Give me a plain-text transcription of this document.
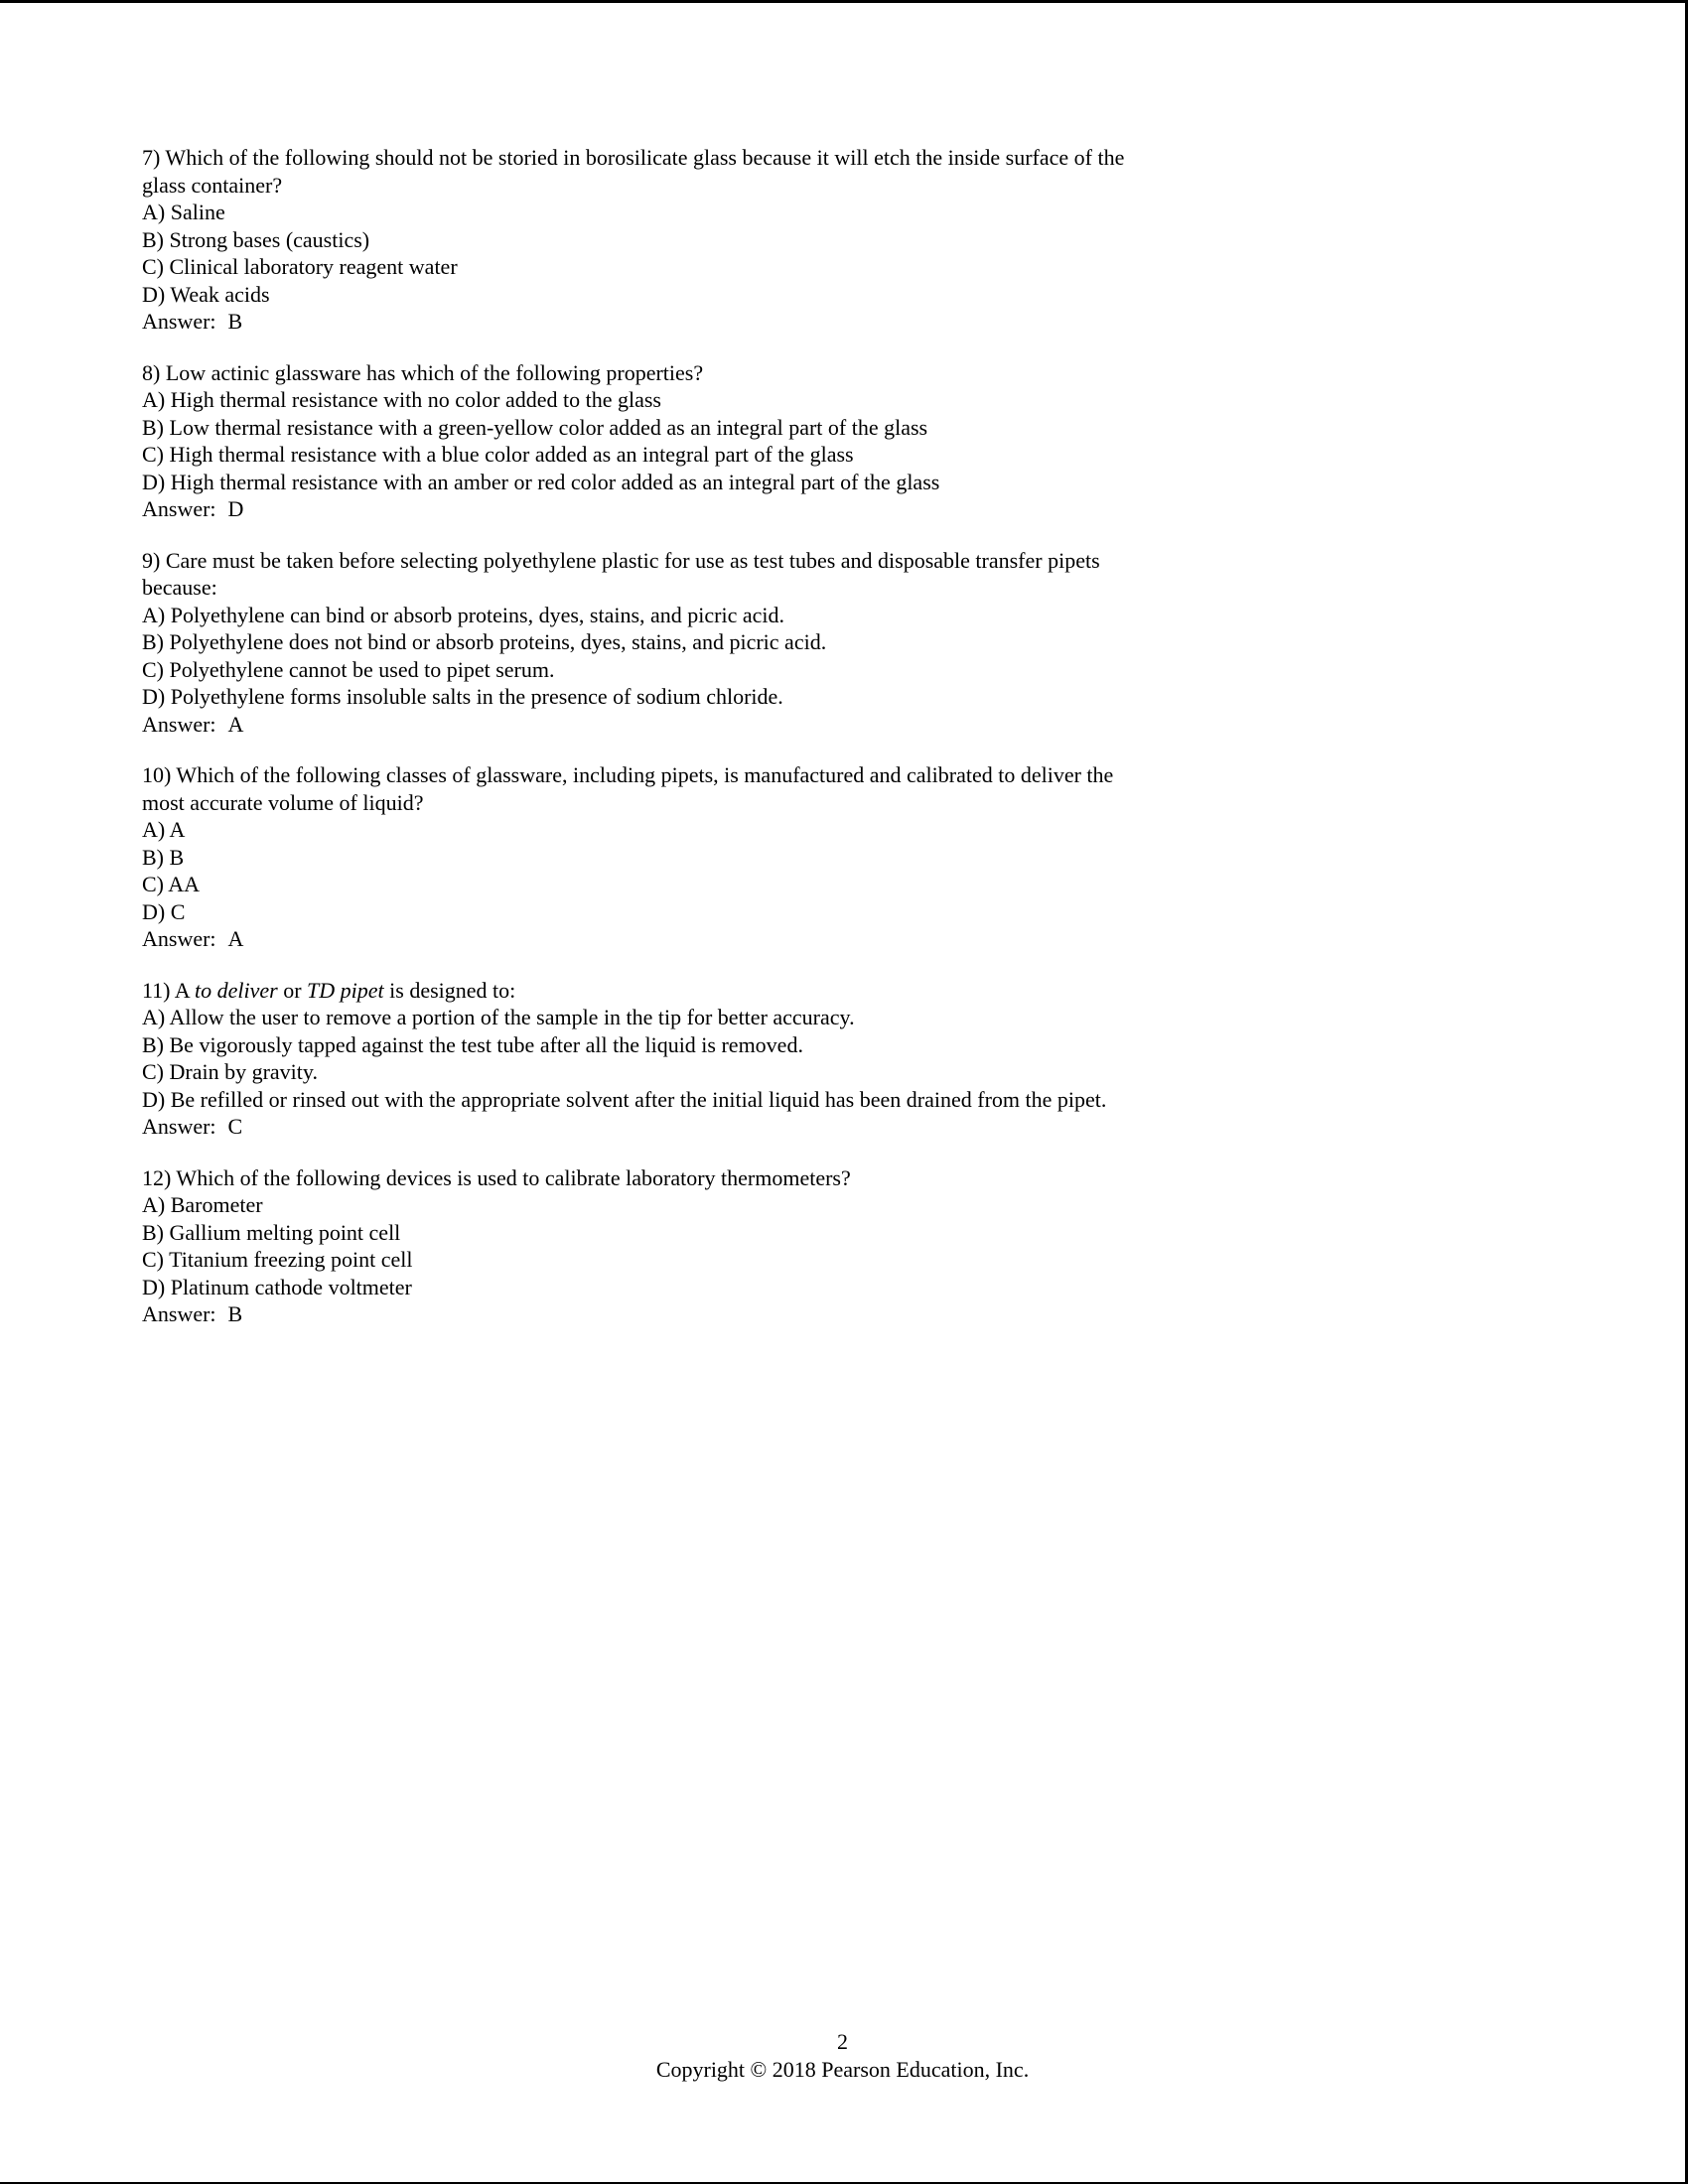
7) Which of the following should not be storied in borosilicate glass because it will etch the inside surface of the glass container?

A) Saline

B) Strong bases (caustics)

C) Clinical laboratory reagent water

D) Weak acids

Answer: B

8) Low actinic glassware has which of the following properties?

A) High thermal resistance with no color added to the glass

B) Low thermal resistance with a green-yellow color added as an integral part of the glass

C) High thermal resistance with a blue color added as an integral part of the glass

D) High thermal resistance with an amber or red color added as an integral part of the glass

Answer: D

9) Care must be taken before selecting polyethylene plastic for use as test tubes and disposable transfer pipets because:

A) Polyethylene can bind or absorb proteins, dyes, stains, and picric acid.

B) Polyethylene does not bind or absorb proteins, dyes, stains, and picric acid.

C) Polyethylene cannot be used to pipet serum.

D) Polyethylene forms insoluble salts in the presence of sodium chloride.

Answer: A

10) Which of the following classes of glassware, including pipets, is manufactured and calibrated to deliver the most accurate volume of liquid?

A) A

B) B

C) AA

D) C

Answer: A

11) A to deliver or TD pipet is designed to:

A) Allow the user to remove a portion of the sample in the tip for better accuracy.

B) Be vigorously tapped against the test tube after all the liquid is removed.

C) Drain by gravity.

D) Be refilled or rinsed out with the appropriate solvent after the initial liquid has been drained from the pipet.

Answer: C

12) Which of the following devices is used to calibrate laboratory thermometers?

A) Barometer

B) Gallium melting point cell

C) Titanium freezing point cell

D) Platinum cathode voltmeter

Answer: B

2

Copyright © 2018 Pearson Education, Inc.
